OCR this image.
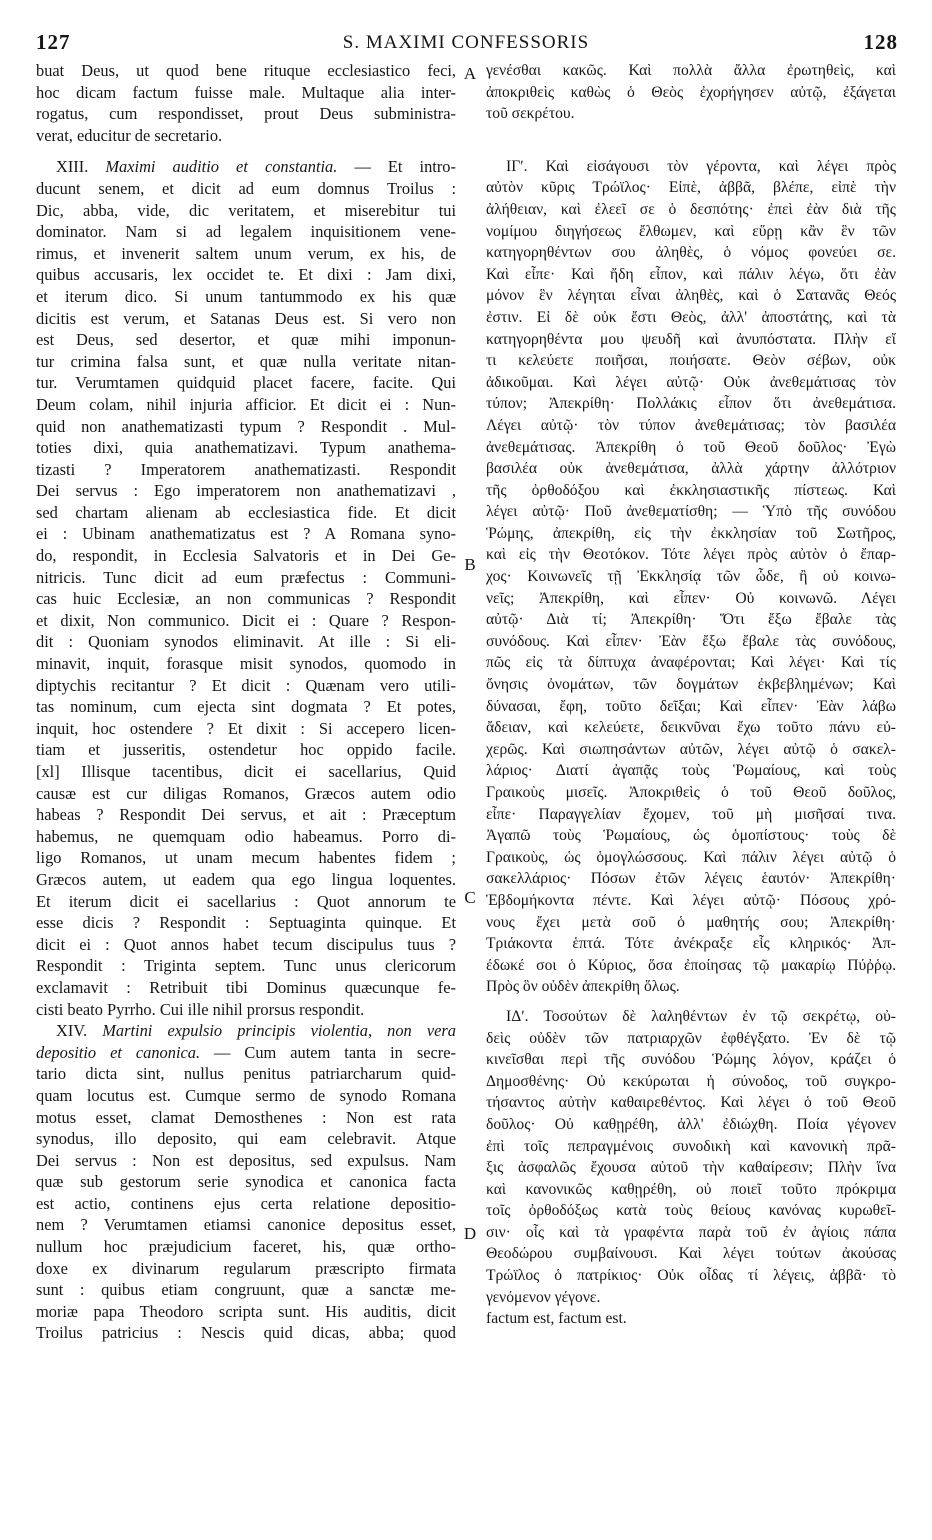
127	S. MAXIMI CONFESSORIS	128
buat Deus, ut quod bene rituque ecclesiastico feci,
hoc dicam factum fuisse male. Multaque alia inter-
rogatus, cum respondisset, prout Deus subministra-
verat, educitur de secretario.
XIII. Maximi auditio et constantia. — Et intro-
ducunt senem, et dicit ad eum domnus Troilus :
Dic, abba, vide, dic veritatem, et miserebitur tui
dominator. Nam si ad legalem inquisitionem vene-
rimus, et invenerit saltem unum verum, ex his, de
quibus accusaris, lex occidet te. Et dixi : Jam dixi,
et iterum dico. Si unum tantummodo ex his quæ
dicitis est verum, et Satanas Deus est. Si vero non
est Deus, sed desertor, et quæ mihi imponun-
tur crimina falsa sunt, et quæ nulla veritate nitan-
tur. Verumtamen quidquid placet facere, facite. Qui
Deum colam, nihil injuria afficior. Et dicit ei : Nun-
quid non anathematizasti typum ? Respondit . Mul-
toties dixi, quia anathematizavi. Typum anathema-
tizasti ? Imperatorem anathematizasti. Respondit
Dei servus : Ego imperatorem non anathematizavi ,
sed chartam alienam ab ecclesiastica fide. Et dicit
ei : Ubinam anathematizatus est ? A Romana syno-
do, respondit, in Ecclesia Salvatoris et in Dei Ge-
nitricis. Tunc dicit ad eum præfectus : Communi-
cas huic Ecclesiæ, an non communicas ? Respondit
et dixit, Non communico. Dicit ei : Quare ? Respon-
dit : Quoniam synodos eliminavit. At ille : Si eli-
minavit, inquit, forasque misit synodos, quomodo in
diptychis recitantur ? Et dicit : Quænam vero utili-
tas nominum, cum ejecta sint dogmata ? Et potes,
inquit, hoc ostendere ? Et dixit : Si accepero licen-
tiam et jusseritis, ostendetur hoc oppido facile.
[xl] Illisque tacentibus, dicit ei sacellarius, Quid
causæ est cur diligas Romanos, Græcos autem odio
habeas ? Respondit Dei servus, et ait : Præceptum
habemus, ne quemquam odio habeamus. Porro di-
ligo Romanos, ut unam mecum habentes fidem ;
Græcos autem, ut eadem qua ego lingua loquentes.
Et iterum dicit ei sacellarius : Quot annorum te
esse dicis ? Respondit : Septuaginta quinque. Et
dicit ei : Quot annos habet tecum discipulus tuus ?
Respondit : Triginta septem. Tunc unus clericorum
exclamavit : Retribuit tibi Dominus quæcunque fe-
cisti beato Pyrrho. Cui ille nihil prorsus respondit.
XIV. Martini expulsio principis violentia, non vera
depositio et canonica. — Cum autem tanta in secre-
tario dicta sint, nullus penitus patriarcharum quid-
quam locutus est. Cumque sermo de synodo Romana
motus esset, clamat Demosthenes : Non est rata
synodus, illo deposito, qui eam celebravit. Atque
Dei servus : Non est depositus, sed expulsus. Nam
quæ sub gestorum serie synodica et canonica facta
est actio, continens ejus certa relatione depositio-
nem ? Verumtamen etiamsi canonice depositus esset,
nullum hoc præjudicium faceret, his, quæ ortho-
doxe ex divinarum regularum præscripto firmata
sunt : quibus etiam congruunt, quæ a sanctæ me-
moriæ papa Theodoro scripta sunt. His auditis, dicit
Troilus patricius : Nescis quid dicas, abba; quod
A
B
C
D
γενέσθαι κακῶς. Καὶ πολλὰ ἄλλα ἐρωτηθεὶς, καὶ
ἀποκριθεὶς καθὼς ὁ Θεὸς ἐχορήγησεν αὐτῷ, ἐξάγεται
τοῦ σεκρέτου.
ΙΓʹ. Καὶ εἰσάγουσι τὸν γέροντα, καὶ λέγει πρὸς
αὐτὸν κῦρις Τρώϊλος· Εἰπὲ, ἀββᾶ, βλέπε, εἰπὲ τὴν
ἀλήθειαν, καὶ ἐλεεῖ σε ὁ δεσπότης· ἐπεὶ ἐὰν διὰ τῆς
νομίμου διηγήσεως ἔλθωμεν, καὶ εὕρῃ κἂν ἓν τῶν
κατηγορηθέντων σου ἀληθὲς, ὁ νόμος φονεύει σε.
Καὶ εἶπε· Καὶ ἤδη εἶπον, καὶ πάλιν λέγω, ὅτι ἐὰν
μόνον ἓν λέγηται εἶναι ἀληθὲς, καὶ ὁ Σατανᾶς Θεός
ἐστιν. Εἰ δὲ οὐκ ἔστι Θεὸς, ἀλλ' ἀποστάτης, καὶ τὰ
κατηγορηθέντα μου ψευδῆ καὶ ἀνυπόστατα. Πλὴν εἴ
τι κελεύετε ποιῆσαι, ποιήσατε. Θεὸν σέβων, οὐκ
ἀδικοῦμαι. Καὶ λέγει αὐτῷ· Οὐκ ἀνεθεμάτισας τὸν
τύπον; Ἀπεκρίθη· Πολλάκις εἶπον ὅτι ἀνεθεμάτισα.
Λέγει αὐτῷ· τὸν τύπον ἀνεθεμάτισας; τὸν βασιλέα
ἀνεθεμάτισας. Ἀπεκρίθη ὁ τοῦ Θεοῦ δοῦλος· Ἐγὼ
βασιλέα οὐκ ἀνεθεμάτισα, ἀλλὰ χάρτην ἀλλότριον
τῆς ὀρθοδόξου καὶ ἐκκλησιαστικῆς πίστεως. Καὶ
λέγει αὐτῷ· Ποῦ ἀνεθεματίσθη; — Ὑπὸ τῆς συνόδου
Ῥώμης, ἀπεκρίθη, εἰς τὴν ἐκκλησίαν τοῦ Σωτῆρος,
καὶ εἰς τὴν Θεοτόκον. Τότε λέγει πρὸς αὐτὸν ὁ ἔπαρ-
χος· Κοινωνεῖς τῇ Ἐκκλησίᾳ τῶν ὧδε, ἢ οὐ κοινω-
νεῖς; Ἀπεκρίθη, καὶ εἶπεν· Οὐ κοινωνῶ. Λέγει
αὐτῷ· Διὰ τί; Ἀπεκρίθη· Ὅτι ἔξω ἔβαλε τὰς
συνόδους. Καὶ εἶπεν· Ἐὰν ἔξω ἔβαλε τὰς συνόδους,
πῶς εἰς τὰ δίπτυχα ἀναφέρονται; Καὶ λέγει· Καὶ τίς
ὄνησις ὀνομάτων, τῶν δογμάτων ἐκβεβλημένων; Καὶ
δύνασαι, ἔφη, τοῦτο δεῖξαι; Καὶ εἶπεν· Ἐὰν λάβω
ἄδειαν, καὶ κελεύετε, δεικνῦναι ἔχω τοῦτο πάνυ εὐ-
χερῶς. Καὶ σιωπησάντων αὐτῶν, λέγει αὐτῷ ὁ σακελ-
λάριος· Διατί ἀγαπᾷς τοὺς Ῥωμαίους, καὶ τοὺς
Γραικοὺς μισεῖς. Ἀποκριθεὶς ὁ τοῦ Θεοῦ δοῦλος,
εἶπε· Παραγγελίαν ἔχομεν, τοῦ μὴ μισῆσαί τινα.
Ἀγαπῶ τοὺς Ῥωμαίους, ὡς ὁμοπίστους· τοὺς δὲ
Γραικοὺς, ὡς ὁμογλώσσους. Καὶ πάλιν λέγει αὐτῷ ὁ
σακελλάριος· Πόσων ἐτῶν λέγεις ἑαυτόν· Ἀπεκρίθη·
Ἑβδομήκοντα πέντε. Καὶ λέγει αὐτῷ· Πόσους χρό-
νους ἔχει μετὰ σοῦ ὁ μαθητής σου; Ἀπεκρίθη·
Τριάκοντα ἑπτά. Τότε ἀνέκραξε εἷς κληρικός· Ἀπ-
έδωκέ σοι ὁ Κύριος, ὅσα ἐποίησας τῷ μακαρίῳ Πύῤῥῳ.
Πρὸς ὃν οὐδὲν ἀπεκρίθη ὅλως.
ΙΔʹ. Τοσούτων δὲ λαληθέντων ἐν τῷ σεκρέτῳ, οὐ-
δεὶς οὐδὲν τῶν πατριαρχῶν ἐφθέγξατο. Ἐν δὲ τῷ
κινεῖσθαι περὶ τῆς συνόδου Ῥώμης λόγον, κράζει ὁ
Δημοσθένης· Οὐ κεκύρωται ἡ σύνοδος, τοῦ συγκρο-
τήσαντος αὐτὴν καθαιρεθέντος. Καὶ λέγει ὁ τοῦ Θεοῦ
δοῦλος· Οὐ καθῃρέθη, ἀλλ' ἐδιώχθη. Ποία γέγονεν
ἐπὶ τοῖς πεπραγμένοις συνοδικὴ καὶ κανονικὴ πρᾶ-
ξις ἀσφαλῶς ἔχουσα αὐτοῦ τὴν καθαίρεσιν; Πλὴν ἵνα
καὶ κανονικῶς καθῃρέθη, οὐ ποιεῖ τοῦτο πρόκριμα
τοῖς ὀρθοδόξως κατὰ τοὺς θείους κανόνας κυρωθεῖ-
σιν· οἷς καὶ τὰ γραφέντα παρὰ τοῦ ἐν ἁγίοις πάπα
Θεοδώρου συμβαίνουσι. Καὶ λέγει τούτων ἀκούσας
Τρώϊλος ὁ πατρίκιος· Οὐκ οἶδας τί λέγεις, ἀββᾶ· τὸ
γενόμενον γέγονε.
factum est, factum est.
